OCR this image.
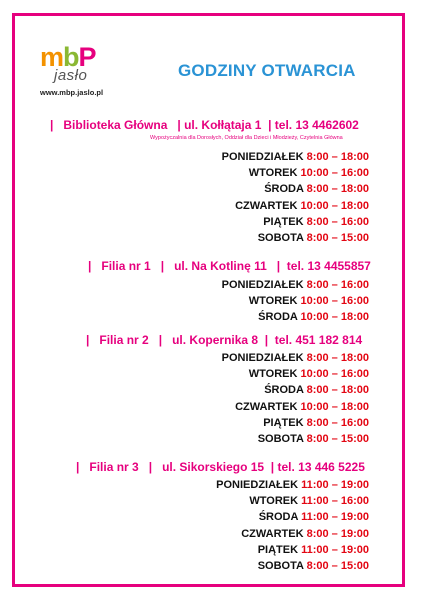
mbP
jasło
www.mbp.jaslo.pl
GODZINY OTWARCIA
|   Biblioteka Główna   | ul. Kołłątaja 1  | tel. 13 4462602
Wypożyczalnia dla Dorosłych, Oddział dla Dzieci i Młodzieży, Czytelnia Główna
PONIEDZIAŁEK 8:00 – 18:00
WTOREK 10:00 – 16:00
ŚRODA 8:00 – 18:00
CZWARTEK 10:00 – 18:00
PIĄTEK 8:00 – 16:00
SOBOTA 8:00 – 15:00
|   Filia nr 1   |   ul. Na Kotlinę 11   |  tel. 13 4455857
PONIEDZIAŁEK 8:00 – 16:00
WTOREK 10:00 – 16:00
ŚRODA 10:00 – 18:00
|   Filia nr 2   |   ul. Kopernika 8  |  tel. 451 182 814
PONIEDZIAŁEK 8:00 – 18:00
WTOREK 10:00 – 16:00
ŚRODA 8:00 – 18:00
CZWARTEK 10:00 – 18:00
PIĄTEK 8:00 – 16:00
SOBOTA 8:00 – 15:00
|   Filia nr 3   |   ul. Sikorskiego 15  | tel. 13 446 5225
PONIEDZIAŁEK 11:00 – 19:00
WTOREK 11:00 – 16:00
ŚRODA 11:00 – 19:00
CZWARTEK 8:00 – 19:00
PIĄTEK 11:00 – 19:00
SOBOTA 8:00 – 15:00
